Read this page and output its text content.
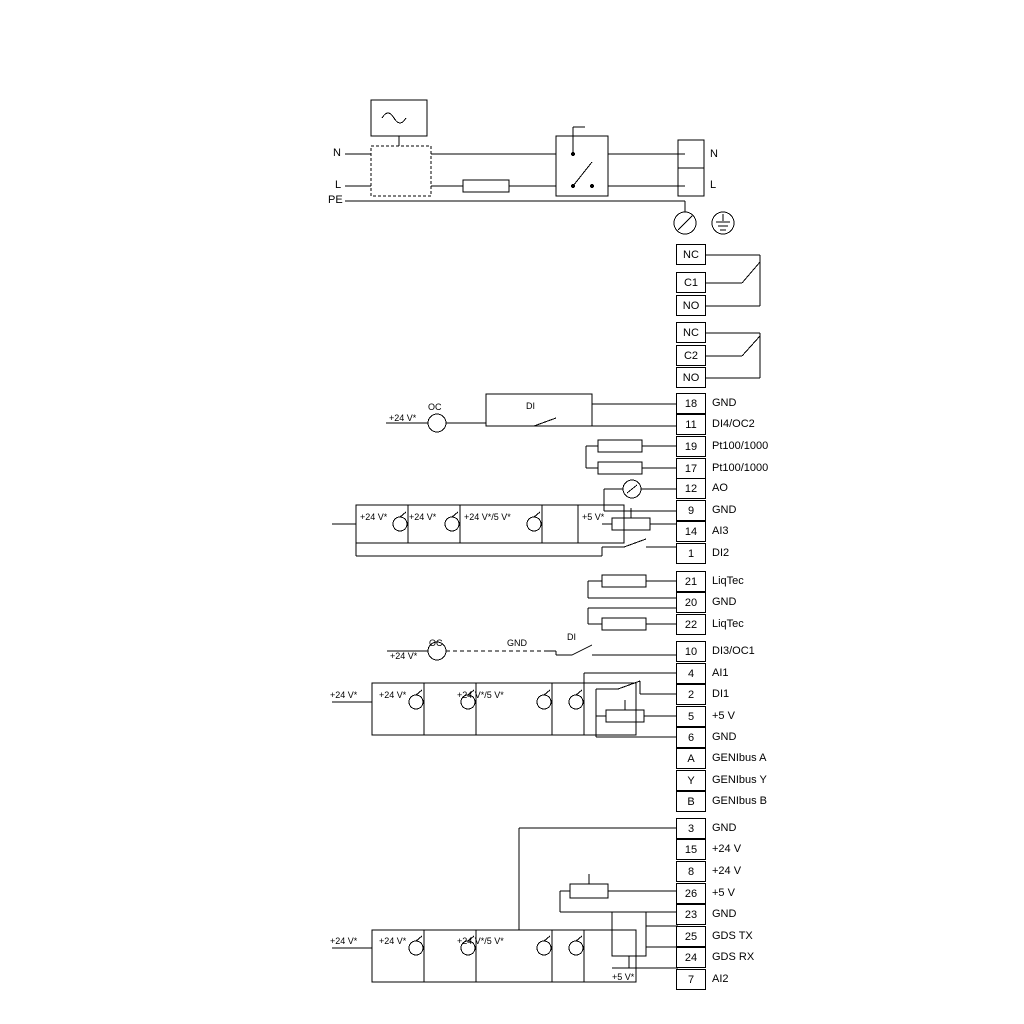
N
L
PE
N
L
DI
OC
+24 V*
+24 V* +24 V*	+24 V*/5 V*	+5 V*
OC
+24 V*
GND
DI
+24 V* +24 V*	+24 V*/5 V*
+24 V* +24 V*	+24 V*/5 V*
+5 V*
NC
C1
NO
NC
C2
NO
18	GND
11	DI4/OC2
19	Pt100/1000
17	Pt100/1000
12	AO
9	GND
14	AI3
1	DI2
21	LiqTec
20	GND
22	LiqTec
10	DI3/OC1
4	AI1
2	DI1
5	+5 V
6	GND
A	GENIbus A
Y	GENIbus Y
B	GENIbus B
3	GND
15	+24 V
8	+24 V
26	+5 V
23	GND
25	GDS TX
24	GDS RX
7	AI2
